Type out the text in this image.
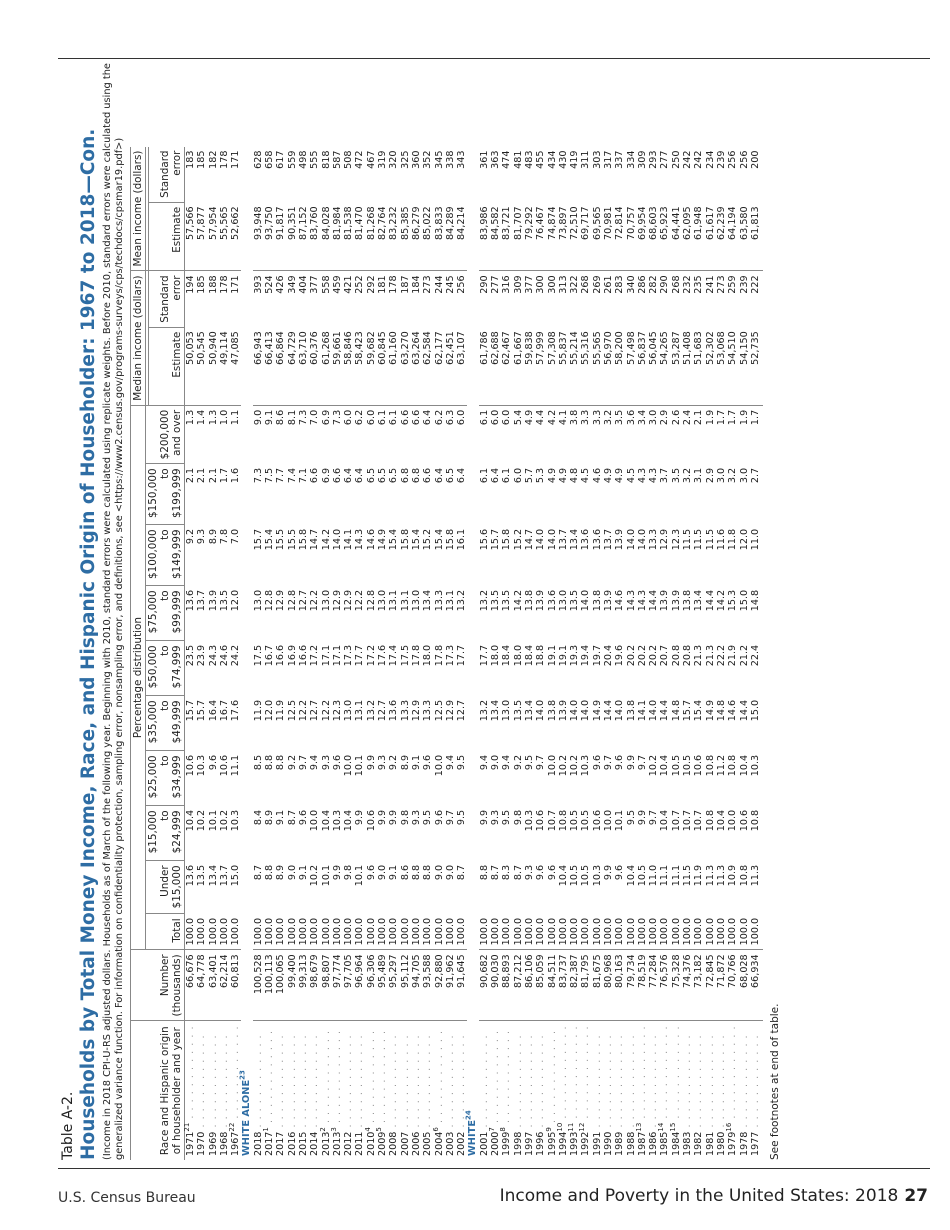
Table A-2. Households by Total Money Income, Race, and Hispanic Origin of Householder: 1967 to 2018—Con. (Income in 2018 CPI-U-RS adjusted dollars. Households as of March of the following year. Beginning with 2010, standard errors were calculated using replicate weights. Before 2010, standard errors were calculated using the generalized variance function. For information on confidentiality protection, sampling error, nonsampling error, and definitions, see <https://www2.census.gov/programs-surveys/cps/techdocs/cpsmar19.pdf>)	Race and Hispanic origin of householder and year	Number (thousands)	Percentage distribution										Median income (dollars)		Mean income (dollars)	
		Total	Under $15,000	$15,000 to $24,999	$25,000 to $34,999	$35,000 to $49,999	$50,000 to $74,999	$75,000 to $99,999	$100,000 to $149,999	$150,000 to $199,999	$200,000 and over				
												Estimate	Standard error	Estimate	Standard error
1971$^{21}$ . . . . . . . . . . . .	66,676	100.0	13.6	10.4	10.6	15.7	23.5	13.6	9.2	2.1	1.3	50,053	194	57,566	183
1970 . . . . . . . . . . . .	64,778	100.0	13.5	10.2	10.3	15.7	23.9	13.7	9.3	2.1	1.4	50,545	185	57,877	185
1969 . . . . . . . . . . . .	63,401	100.0	13.4	10.1	9.6	16.4	24.3	13.9	8.9	2.1	1.3	50,940	188	57,954	182
1968 . . . . . . . . . . . .	62,214	100.0	13.7	10.2	10.6	16.7	24.6	13.5	7.8	1.7	1.0	49,114	178	55,565	178
1967$^{22}$ . . . . . . . . . . . .	60,813	100.0	15.0	10.3	11.1	17.6	24.2	12.0	7.0	1.6	1.1	47,085	171	52,662	171
WHITE ALONE$^{23}$
2018 . . . . . . . . . . . .	100,528	100.0	8.7	8.4	8.5	11.9	17.5	13.0	15.7	7.3	9.0	66,943	393	93,948	628
2017$^1$ . . . . . . . . . . . .	100,113	100.0	8.8	8.9	8.8	12.0	16.7	12.8	15.4	7.5	9.1	66,413	524	93,750	658
2017 . . . . . . . . . . . .	100,065	100.0	8.9	9.1	8.8	11.9	16.6	12.9	15.5	7.7	8.6	66,864	426	91,817	617
2016 . . . . . . . . . . . .	99,400	100.0	9.0	8.7	9.2	12.5	16.9	12.8	15.5	7.4	8.1	64,729	349	90,351	559
2015 . . . . . . . . . . . .	99,313	100.0	9.1	9.6	9.7	12.2	16.6	12.7	15.8	7.1	7.3	63,710	404	87,152	498
2014 . . . . . . . . . . . .	98,679	100.0	10.2	10.0	9.4	12.7	17.2	12.2	14.7	6.6	7.0	60,376	377	83,760	555
2013$^2$ . . . . . . . . . . . .	98,807	100.0	10.1	10.4	9.3	12.2	17.1	13.0	14.2	6.9	6.9	61,268	558	84,028	818
2013$^3$ . . . . . . . . . . . .	97,774	100.0	9.9	10.3	9.6	12.3	17.1	12.9	14.0	6.6	7.3	59,661	459	81,984	587
2012 . . . . . . . . . . . .	97,705	100.0	9.8	10.4	10.0	13.0	17.3	12.9	14.1	6.4	6.0	58,846	421	81,538	508
2011 . . . . . . . . . . . .	96,964	100.0	10.1	9.9	10.1	13.1	17.7	12.2	14.3	6.4	6.2	58,423	252	81,470	472
2010$^4$ . . . . . . . . . . . .	96,306	100.0	9.6	10.6	9.9	13.2	17.2	12.8	14.6	6.5	6.0	59,682	292	81,268	467
2009$^5$ . . . . . . . . . . . .	95,489	100.0	9.0	9.9	9.3	12.7	17.6	13.0	14.9	6.5	6.1	60,845	181	82,764	319
2008 . . . . . . . . . . . .	95,297	100.0	9.1	9.9	9.2	13.6	17.4	13.1	15.4	6.5	6.1	61,160	178	83,232	320
2007 . . . . . . . . . . . .	95,112	100.0	8.6	9.8	8.9	13.3	17.5	13.1	15.8	6.8	6.6	63,270	187	85,385	325
2006 . . . . . . . . . . . .	94,705	100.0	8.8	9.3	9.1	12.9	17.8	13.0	15.4	6.8	6.6	63,264	184	86,279	360
2005 . . . . . . . . . . . .	93,588	100.0	8.8	9.5	9.6	13.3	18.0	13.4	15.2	6.6	6.4	62,584	273	85,022	352
2004$^6$ . . . . . . . . . . . .	92,880	100.0	9.0	9.6	10.0	12.5	17.8	13.3	15.4	6.4	6.2	62,177	244	83,833	345
2003 . . . . . . . . . . . .	91,962	100.0	9.0	9.7	9.4	12.9	17.3	13.1	15.8	6.5	6.3	62,451	245	84,289	338
2002 . . . . . . . . . . . .	91,645	100.0	8.7	9.5	9.5	12.7	17.7	13.2	16.1	6.4	6.0	63,107	256	84,214	343
WHITE$^{24}$
2001 . . . . . . . . . . . .	90,682	100.0	8.8	9.9	9.4	13.2	17.7	13.2	15.6	6.1	6.1	61,786	290	83,986	361
2000$^7$ . . . . . . . . . . . .	90,030	100.0	8.7	9.3	9.0	13.4	18.0	13.5	15.7	6.4	6.0	62,688	277	84,582	363
1999$^8$ . . . . . . . . . . . .	88,893	100.0	8.3	9.5	9.4	13.0	18.4	13.5	15.8	6.1	6.0	62,467	316	83,721	474
1998 . . . . . . . . . . . .	87,212	100.0	8.7	9.8	9.2	13.5	18.0	14.2	15.2	6.0	5.4	61,667	309	81,707	481
1997 . . . . . . . . . . . .	86,106	100.0	9.3	10.3	9.5	13.4	18.4	13.8	14.7	5.7	4.9	59,838	377	79,292	483
1996 . . . . . . . . . . . .	85,059	100.0	9.6	10.6	9.7	14.0	18.8	13.9	14.0	5.3	4.4	57,999	300	76,467	455
1995$^9$ . . . . . . . . . . . .	84,511	100.0	9.6	10.7	10.0	13.8	19.1	13.6	14.0	4.9	4.2	57,308	300	74,874	434
1994$^{10}$ . . . . . . . . . . . .	83,737	100.0	10.4	10.8	10.2	13.9	19.1	13.0	13.7	4.9	4.1	55,837	313	73,897	430
1993$^{11}$ . . . . . . . . . . . .	82,387	100.0	10.5	10.5	10.2	14.0	19.3	13.5	13.4	4.8	3.8	55,214	322	72,510	419
1992$^{12}$ . . . . . . . . . . . .	81,795	100.0	10.5	10.5	10.3	14.0	19.4	14.0	13.6	4.5	3.3	55,316	268	69,717	311
1991 . . . . . . . . . . . .	81,675	100.0	10.3	10.6	9.6	14.9	19.7	13.8	13.6	4.6	3.3	55,565	269	69,565	303
1990 . . . . . . . . . . . .	80,968	100.0	9.9	10.0	9.7	14.4	20.4	13.9	13.7	4.9	3.2	56,970	261	70,981	317
1989 . . . . . . . . . . . .	80,163	100.0	9.6	10.1	9.6	14.0	19.6	14.6	13.9	4.9	3.5	58,200	283	72,814	337
1988 . . . . . . . . . . . .	79,734	100.0	10.4	9.5	9.9	13.8	20.2	14.3	14.0	4.5	3.6	57,498	340	70,757	334
1987$^{13}$ . . . . . . . . . . . .	78,519	100.0	10.5	9.9	9.7	14.1	20.2	14.3	14.0	4.3	3.4	56,837	286	69,954	309
1986 . . . . . . . . . . . .	77,284	100.0	11.0	9.7	10.2	14.0	20.2	14.4	13.3	4.3	3.0	56,045	282	68,603	293
1985$^{14}$ . . . . . . . . . . . .	76,576	100.0	11.1	10.4	10.4	14.4	20.7	13.9	12.9	3.7	2.9	54,265	290	65,923	277
1984$^{15}$ . . . . . . . . . . . .	75,328	100.0	11.1	10.7	10.5	14.8	20.8	13.9	12.3	3.5	2.6	53,287	268	64,441	250
1983 . . . . . . . . . . . .	74,376	100.0	11.5	10.7	10.5	15.7	20.8	13.8	11.5	3.2	2.4	51,408	232	62,095	242
1982 . . . . . . . . . . . .	73,182	100.0	11.9	10.7	10.6	15.4	21.3	13.4	11.5	3.1	2.1	51,683	235	61,948	242
1981 . . . . . . . . . . . .	72,845	100.0	11.3	10.8	10.8	14.9	21.3	14.4	11.5	2.9	1.9	52,302	241	61,617	234
1980 . . . . . . . . . . . .	71,872	100.0	11.3	10.4	11.2	14.8	22.2	14.2	11.6	3.0	1.7	53,068	273	62,239	239
1979$^{16}$ . . . . . . . . . . . .	70,766	100.0	10.9	10.0	10.8	14.6	21.9	15.3	11.8	3.2	1.7	54,510	259	64,194	256
1978 . . . . . . . . . . . .	68,028	100.0	10.8	10.6	10.4	14.4	21.2	15.0	12.0	3.0	1.9	54,150	239	63,580	256
1977 . . . . . . . . . . . .	66,934	100.0	11.3	10.8	10.3	15.0	22.4	14.8	11.0	2.7	1.7	52,735	222	61,813	200
See footnotes at end of table.
U.S. Census Bureau	Income and Poverty in the United States: 2018 27
